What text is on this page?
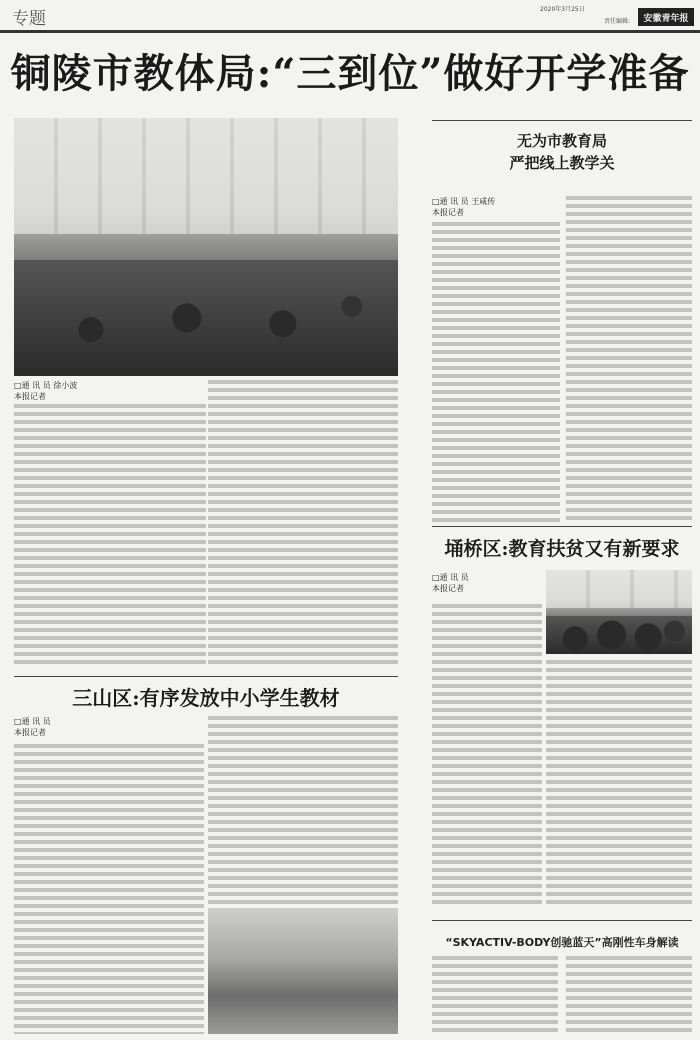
专题	2020年3月25日
责任编辑:	安徽青年报
铜陵市教体局:“三到位”做好开学准备
□通 讯 员 徐小波
本报记者
无为市教育局
严把线上教学关
□通 讯 员 王咸传
本报记者
埇桥区:教育扶贫又有新要求
□通 讯 员
本报记者
三山区:有序发放中小学生教材
□通 讯 员
本报记者
“SKYACTIV-BODY创驰蓝天”高刚性车身解读
